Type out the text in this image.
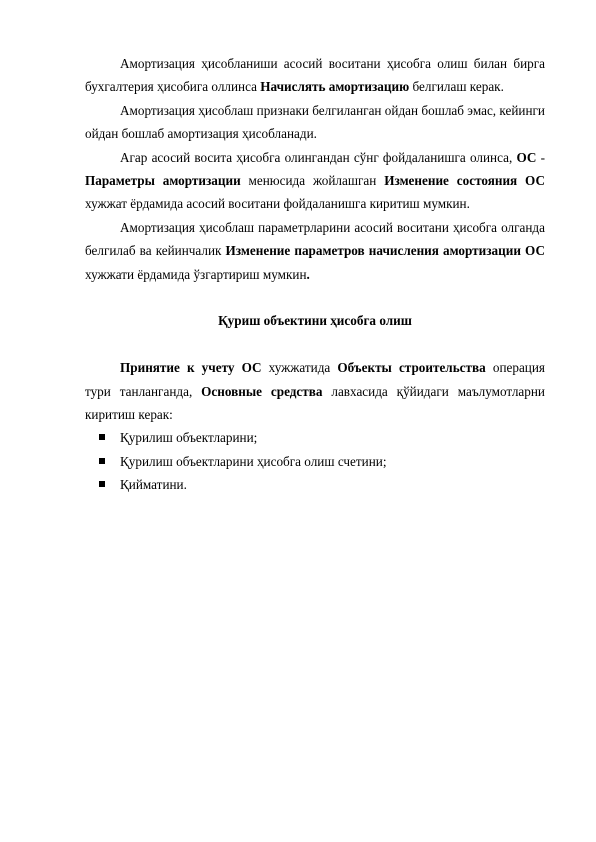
Амортизация ҳисобланиши асосий воситани ҳисобга олиш билан бирга бухгалтерия ҳисобига оллинса Начислять амортизацию белгилаш керак.

Амортизация ҳисоблаш признаки белгиланган ойдан бошлаб эмас, кейинги ойдан бошлаб амортизация ҳисобланади.

Агар асосий восита ҳисобга олингандан сўнг фойдаланишга олинса, ОС - Параметры амортизации менюсида жойлашган Изменение состояния ОС хужжат ёрдамида асосий воситани фойдаланишга киритиш мумкин.

Амортизация ҳисоблаш параметрларини асосий воситани ҳисобга олганда белгилаб ва кейинчалик Изменение параметров начисления амортизации ОС хужжати ёрдамида ўзгартириш мумкин.

Қуриш объектини ҳисобга олиш

Принятие к учету ОС хужжатида Объекты строительства операция тури танланганда, Основные средства лавхасида қўйидаги маълумотларни киритиш керак:

Қурилиш объектларини;
Қурилиш объектларини ҳисобга олиш счетини;
Қийматини.
